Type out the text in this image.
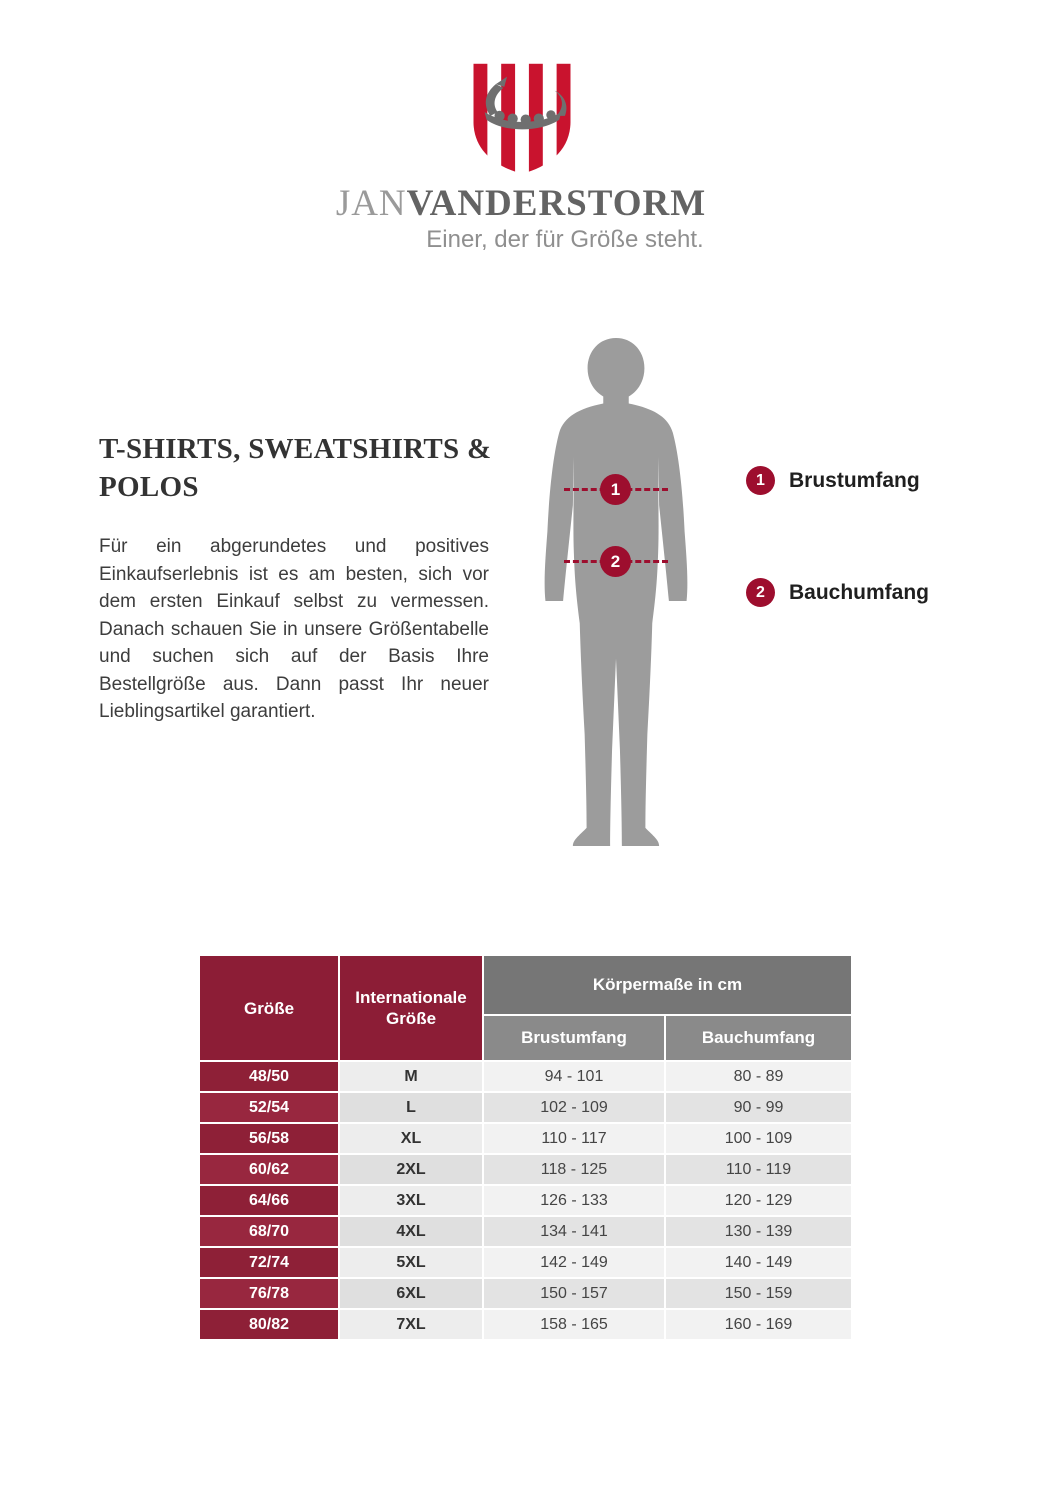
JANVANDERSTORM
Einer, der für Größe steht.
T-SHIRTS, SWEATSHIRTS & POLOS

Für ein abgerundetes und positives Einkaufserlebnis ist es am besten, sich vor dem ersten Einkauf selbst zu vermessen. Danach schauen Sie in unsere Größentabelle und suchen sich auf der Basis Ihre Bestellgröße aus. Dann passt Ihr neuer Lieblingsartikel garantiert.

1
2
1	Brustumfang
2	Bauchumfang
Größe	Internationale Größe	Körpermaße in cm	
		Brustumfang	Bauchumfang
48/50	M	94 - 101	80 - 89
52/54	L	102 - 109	90 - 99
56/58	XL	110 - 117	100 - 109
60/62	2XL	118 - 125	110 - 119
64/66	3XL	126 - 133	120 - 129
68/70	4XL	134 - 141	130 - 139
72/74	5XL	142 - 149	140 - 149
76/78	6XL	150 - 157	150 - 159
80/82	7XL	158 - 165	160 - 169
